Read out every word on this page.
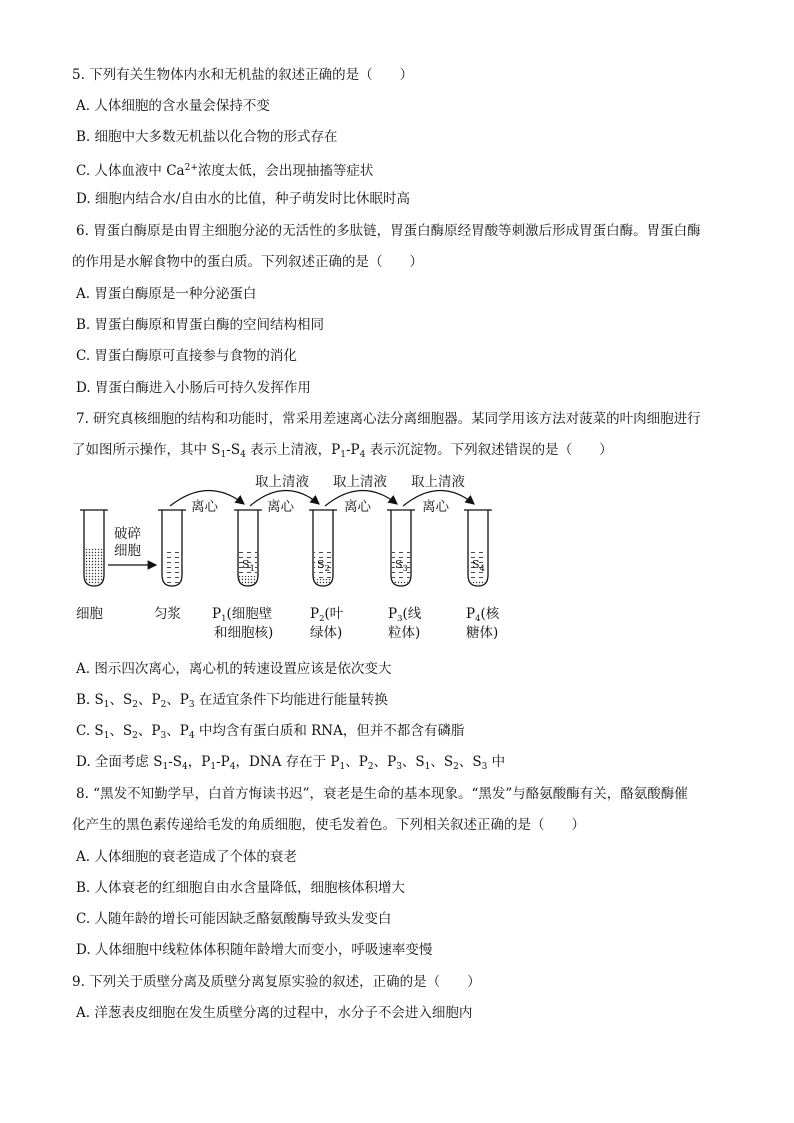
5. 下列有关生物体内水和无机盐的叙述正确的是（　　）
A. 人体细胞的含水量会保持不变
B. 细胞中大多数无机盐以化合物的形式存在
C. 人体血液中 $Ca^{2+}$浓度太低，会出现抽搐等症状
D. 细胞内结合水/自由水的比值，种子萌发时比休眠时高
6. 胃蛋白酶原是由胃主细胞分泌的无活性的多肽链，胃蛋白酶原经胃酸等刺激后形成胃蛋白酶。胃蛋白酶
的作用是水解食物中的蛋白质。下列叙述正确的是（　　）
A. 胃蛋白酶原是一种分泌蛋白
B. 胃蛋白酶原和胃蛋白酶的空间结构相同
C. 胃蛋白酶原可直接参与食物的消化
D. 胃蛋白酶进入小肠后可持久发挥作用
7. 研究真核细胞的结构和功能时，常采用差速离心法分离细胞器。某同学用该方法对菠菜的叶肉细胞进行
了如图所示操作，其中 $S_1-S_4$ 表示上清液，$P_1-P_4$ 表示沉淀物。下列叙述错误的是（　　）
破碎
细胞
$S_1$	$S_2$	$S_3$	$S_4$
离心	离心	离心	离心
取上清液 取上清液 取上清液
细胞	匀浆 $P_1$(细胞壁
和细胞核)
$P_2$(叶
绿体)
$P_3$(线
粒体)
$P_4$(核
糖体)
A. 图示四次离心，离心机的转速设置应该是依次变大
B. $S_1$、$S_2$、$P_2$、$P_3$ 在适宜条件下均能进行能量转换
C. $S_1$、$S_2$、$P_3$、$P_4$ 中均含有蛋白质和 RNA，但并不都含有磷脂
D. 全面考虑 $S_1-S_4$，$P_1-P_4$，DNA 存在于 $P_1$、$P_2$、$P_3$、$S_1$、$S_2$、$S_3$ 中
8. “黑发不知勤学早，白首方悔读书迟”，衰老是生命的基本现象。“黑发”与酪氨酸酶有关，酪氨酸酶催
化产生的黑色素传递给毛发的角质细胞，使毛发着色。下列相关叙述正确的是（　　）
A. 人体细胞的衰老造成了个体的衰老
B. 人体衰老的红细胞自由水含量降低，细胞核体积增大
C. 人随年龄的增长可能因缺乏酪氨酸酶导致头发变白
D. 人体细胞中线粒体体积随年龄增大而变小，呼吸速率变慢
9. 下列关于质壁分离及质壁分离复原实验的叙述，正确的是（　　）
A. 洋葱表皮细胞在发生质壁分离的过程中，水分子不会进入细胞内
